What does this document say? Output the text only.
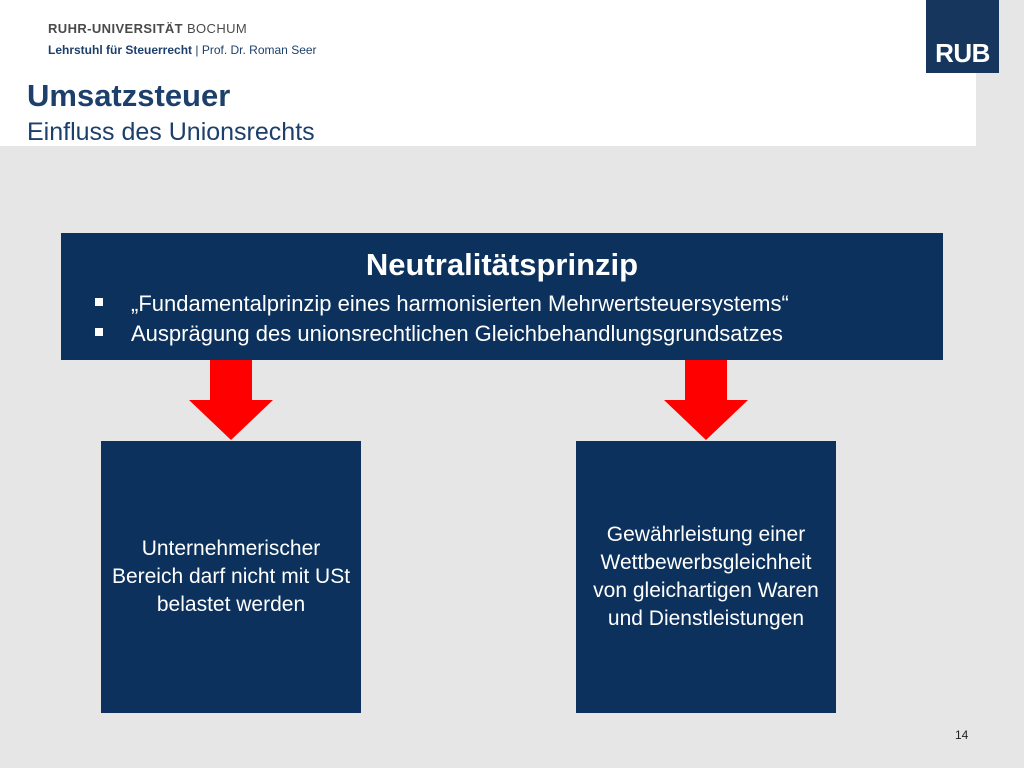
RUHR-UNIVERSITÄT BOCHUM
Lehrstuhl für Steuerrecht | Prof. Dr. Roman Seer
Umsatzsteuer
Einfluss des Unionsrechts
RUB
Neutralitätsprinzip
„Fundamentalprinzip eines harmonisierten Mehrwertsteuersystems“
Ausprägung des unionsrechtlichen Gleichbehandlungsgrundsatzes
Unternehmerischer Bereich darf nicht mit USt belastet werden
Gewährleistung einer Wettbewerbsgleichheit von gleichartigen Waren und Dienstleistungen
14
